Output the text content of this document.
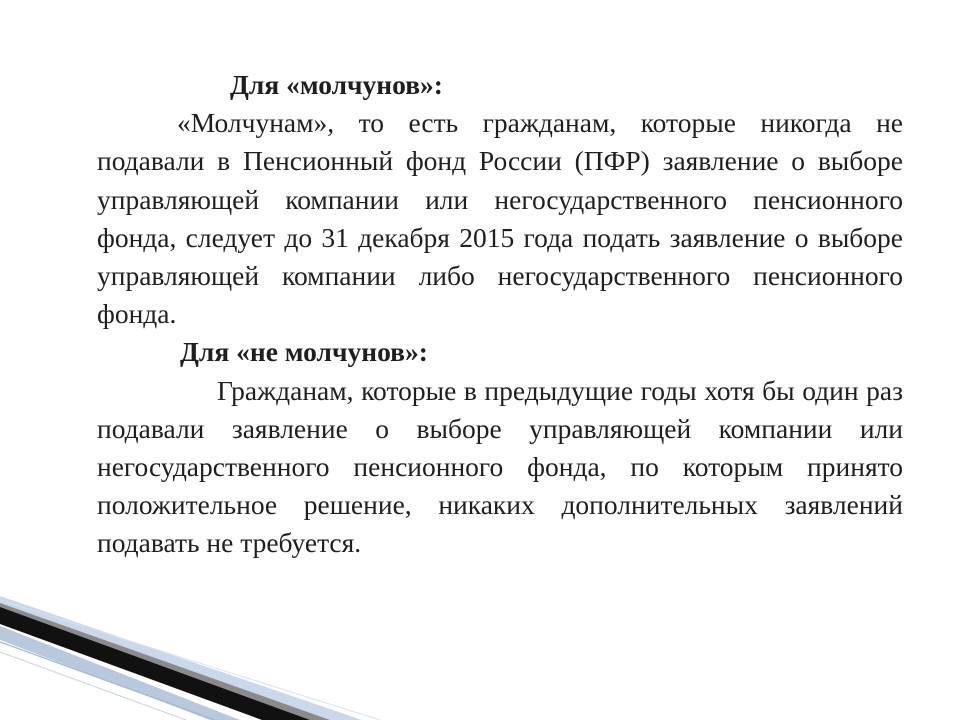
Для «молчунов»:

«Молчунам», то есть гражданам, которые никогда не подавали в Пенсионный фонд России (ПФР) заявление о выборе управляющей компании или негосударственного пенсионного фонда, следует до 31 декабря 2015 года подать заявление о выборе управляющей компании либо негосударственного пенсионного фонда.

Для «не молчунов»:

Гражданам, которые в предыдущие годы хотя бы один раз подавали заявление о выборе управляющей компании или негосударственного пенсионного фонда, по которым принято положительное решение, никаких дополнительных заявлений подавать не требуется.
